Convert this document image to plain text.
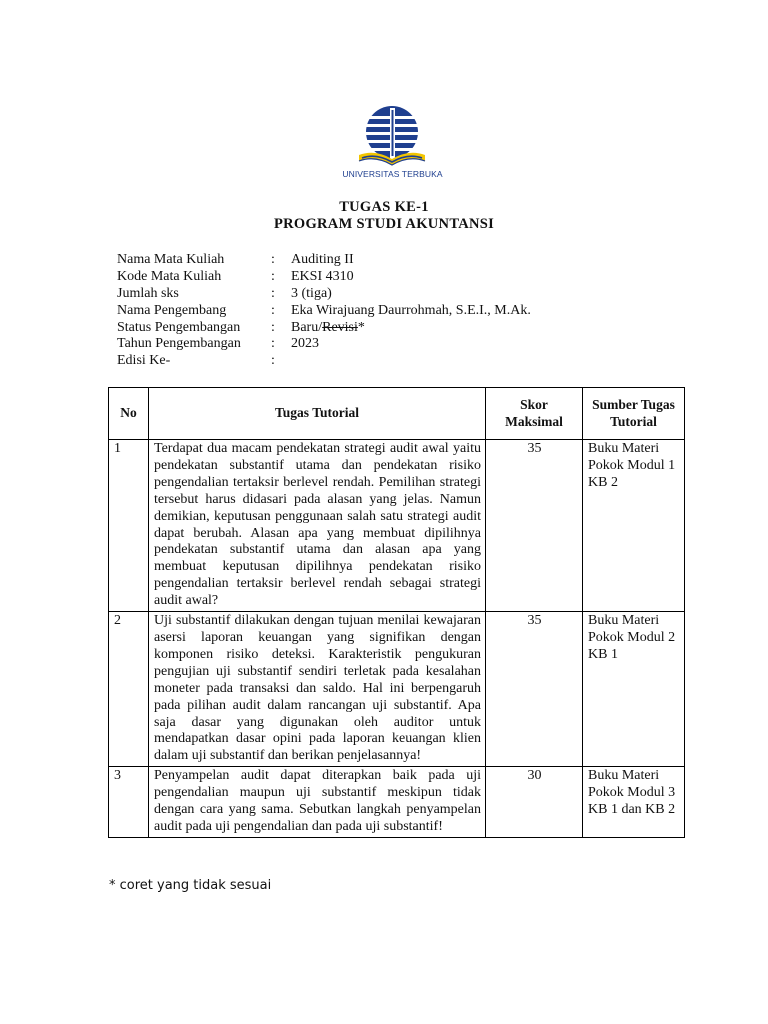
UNIVERSITAS TERBUKA
TUGAS KE-1
PROGRAM STUDI AKUNTANSI
Nama Mata Kuliah	: Auditing II
Kode Mata Kuliah	: EKSI 4310
Jumlah sks	: 3 (tiga)
Nama Pengembang	: Eka Wirajuang Daurrohmah, S.E.I., M.Ak.
Status Pengembangan : Baru/Revisi*
Tahun Pengembangan : 2023
Edisi Ke-	:
No	Tugas Tutorial	Skor Maksimal	Sumber Tugas Tutorial
1	Terdapat dua macam pendekatan strategi audit awal yaitu pendekatan substantif utama dan pendekatan risiko pengendalian tertaksir berlevel rendah. Pemilihan strategi tersebut harus didasari pada alasan yang jelas. Namun demikian, keputusan penggunaan salah satu strategi audit dapat berubah. Alasan apa yang membuat dipilihnya pendekatan substantif utama dan alasan apa yang membuat keputusan dipilihnya pendekatan risiko pengendalian tertaksir berlevel rendah sebagai strategi audit awal?	35	Buku Materi Pokok Modul 1 KB 2
2	Uji substantif dilakukan dengan tujuan menilai kewajaran asersi laporan keuangan yang signifikan dengan komponen risiko deteksi. Karakteristik pengukuran pengujian uji substantif sendiri terletak pada kesalahan moneter pada transaksi dan saldo. Hal ini berpengaruh pada pilihan audit dalam rancangan uji substantif. Apa saja dasar yang digunakan oleh auditor untuk mendapatkan dasar opini pada laporan keuangan klien dalam uji substantif dan berikan penjelasannya!	35	Buku Materi Pokok Modul 2 KB 1
3	Penyampelan audit dapat diterapkan baik pada uji pengendalian maupun uji substantif meskipun tidak dengan cara yang sama. Sebutkan langkah penyampelan audit pada uji pengendalian dan pada uji substantif!	30	Buku Materi Pokok Modul 3 KB 1 dan KB 2
* coret yang tidak sesuai
